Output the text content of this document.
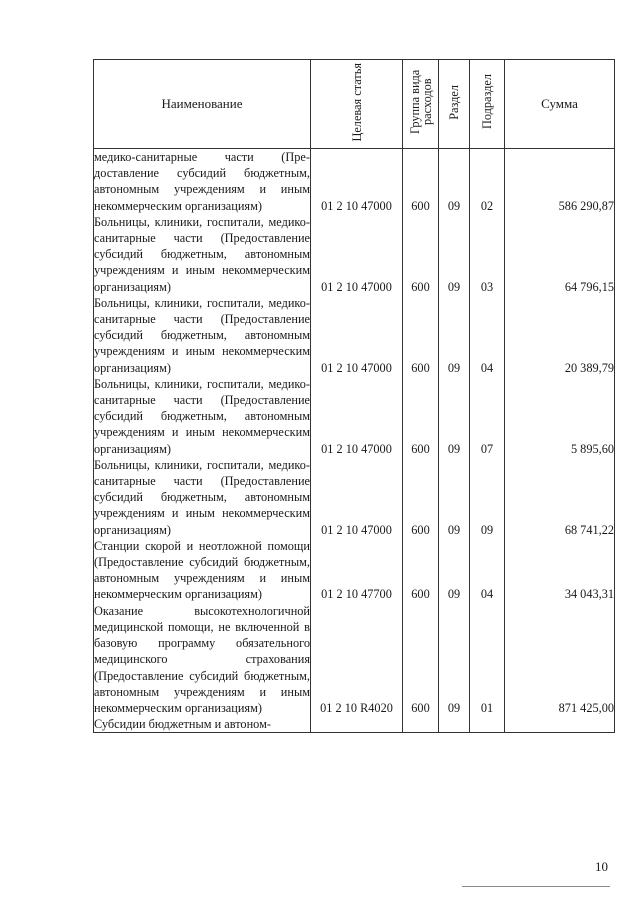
Наименование	Целевая статья	Группа вида расходов	Раздел	Подраздел	Сумма
медико-санитарные части (Предоставление субсидий бюджетным, автономным учреждениям и иным некоммерческим организациям)	01 2 10 47000	600	09	02	586 290,87
Больницы, клиники, госпитали, медико-санитарные части (Предоставление субсидий бюджетным, автономным учреждениям и иным некоммерческим организациям)	01 2 10 47000	600	09	03	64 796,15
Больницы, клиники, госпитали, медико-санитарные части (Предоставление субсидий бюджетным, автономным учреждениям и иным некоммерческим организациям)	01 2 10 47000	600	09	04	20 389,79
Больницы, клиники, госпитали, медико-санитарные части (Предоставление субсидий бюджетным, автономным учреждениям и иным некоммерческим организациям)	01 2 10 47000	600	09	07	5 895,60
Больницы, клиники, госпитали, медико-санитарные части (Предоставление субсидий бюджетным, автономным учреждениям и иным некоммерческим организациям)	01 2 10 47000	600	09	09	68 741,22
Станции скорой и неотложной помощи (Предоставление субсидий бюджетным, автономным учреждениям и иным некоммерческим организациям)	01 2 10 47700	600	09	04	34 043,31
Оказание высокотехнологичной медицинской помощи, не включенной в базовую программу обязательного медицинского страхования (Предоставление субсидий бюджетным, автономным учреждениям и иным некоммерческим организациям)	01 2 10 R4020	600	09	01	871 425,00
Субсидии бюджетным и автоном-					
10
